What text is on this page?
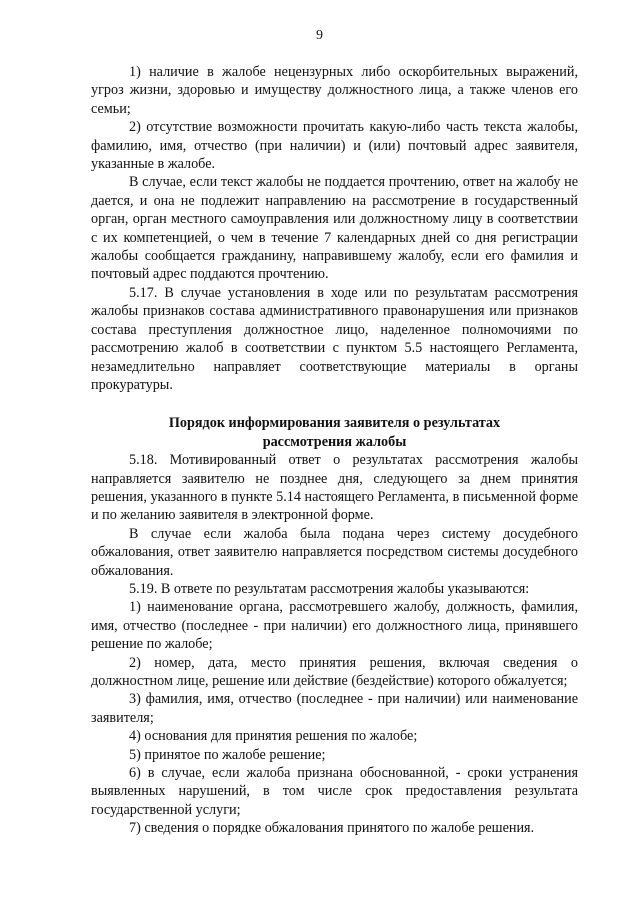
9

1) наличие в жалобе нецензурных либо оскорбительных выражений, угроз жизни, здоровью и имуществу должностного лица, а также членов его семьи;

2) отсутствие возможности прочитать какую-либо часть текста жалобы, фамилию, имя, отчество (при наличии) и (или) почтовый адрес заявителя, указанные в жалобе.

В случае, если текст жалобы не поддается прочтению, ответ на жалобу не дается, и она не подлежит направлению на рассмотрение в государственный орган, орган местного самоуправления или должностному лицу в соответствии с их компетенцией, о чем в течение 7 календарных дней со дня регистрации жалобы сообщается гражданину, направившему жалобу, если его фамилия и почтовый адрес поддаются прочтению.

5.17. В случае установления в ходе или по результатам рассмотрения жалобы признаков состава административного правонарушения или признаков состава преступления должностное лицо, наделенное полномочиями по рассмотрению жалоб в соответствии с пунктом 5.5 настоящего Регламента, незамедлительно направляет соответствующие материалы в органы прокуратуры.

Порядок информирования заявителя о результатах
рассмотрения жалобы

5.18. Мотивированный ответ о результатах рассмотрения жалобы направляется заявителю не позднее дня, следующего за днем принятия решения, указанного в пункте 5.14 настоящего Регламента, в письменной форме и по желанию заявителя в электронной форме.

В случае если жалоба была подана через систему досудебного обжалования, ответ заявителю направляется посредством системы досудебного обжалования.

5.19. В ответе по результатам рассмотрения жалобы указываются:

1) наименование органа, рассмотревшего жалобу, должность, фамилия, имя, отчество (последнее - при наличии) его должностного лица, принявшего решение по жалобе;

2) номер, дата, место принятия решения, включая сведения о должностном лице, решение или действие (бездействие) которого обжалуется;

3) фамилия, имя, отчество (последнее - при наличии) или наименование заявителя;

4) основания для принятия решения по жалобе;

5) принятое по жалобе решение;

6) в случае, если жалоба признана обоснованной, - сроки устранения выявленных нарушений, в том числе срок предоставления результата государственной услуги;

7) сведения о порядке обжалования принятого по жалобе решения.
